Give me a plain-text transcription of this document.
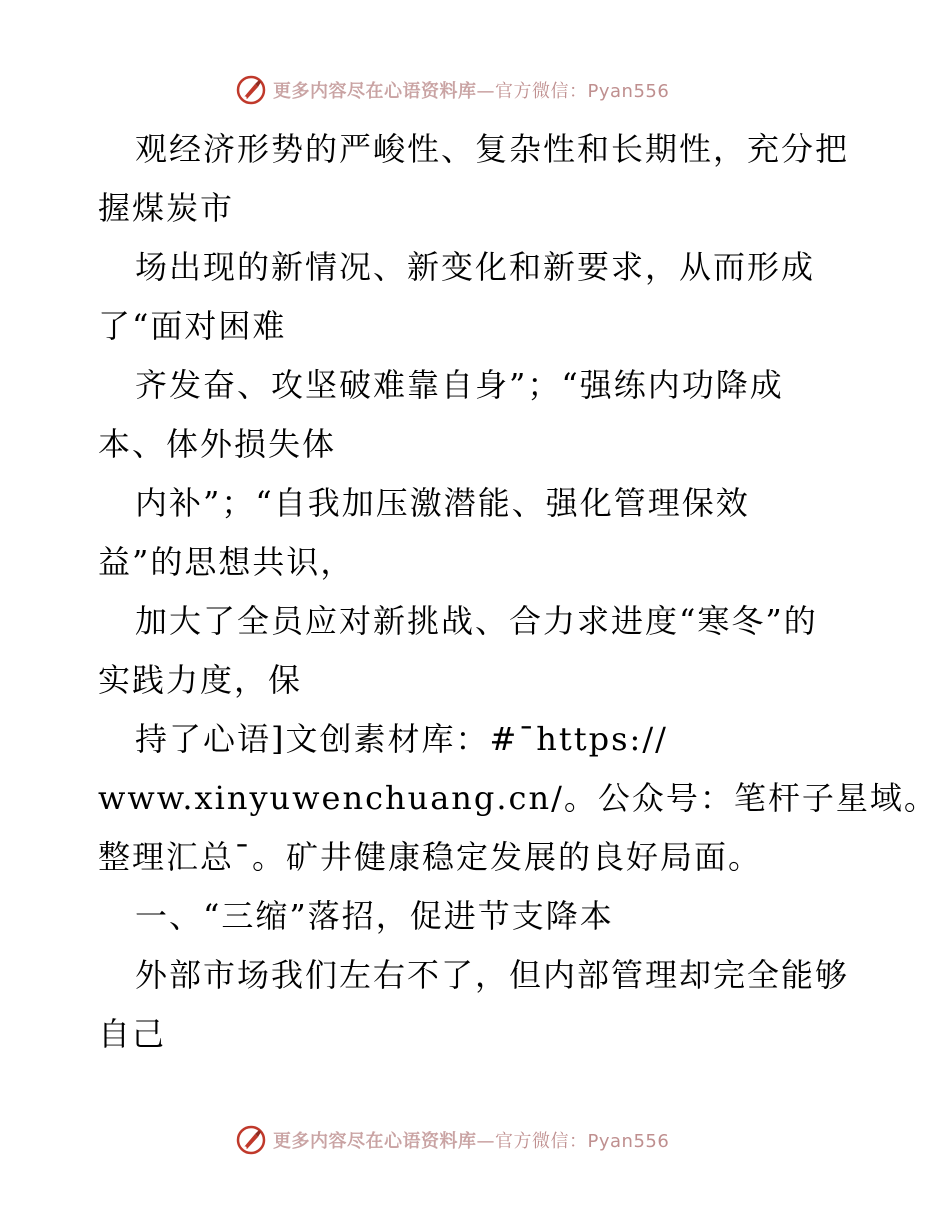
更多内容尽在心语资料库 —官方微信：Pyan556
观经济形势的严峻性、复杂性和长期性，充分把
握煤炭市
场出现的新情况、新变化和新要求，从而形成
了“面对困难
齐发奋、攻坚破难靠自身”；“强练内功降成
本、体外损失体
内补”；“自我加压激潜能、强化管理保效
益”的思想共识，
加大了全员应对新挑战、合力求进度“寒冬”的
实践力度，保
持了心语]文创素材库：#¯https://
www.xinyuwenchuang.cn/。公众号：笔杆子星域。
整理汇总¯。矿井健康稳定发展的良好局面。
一、“三缩”落招，促进节支降本
外部市场我们左右不了，但内部管理却完全能够
自己
更多内容尽在心语资料库 —官方微信：Pyan556
